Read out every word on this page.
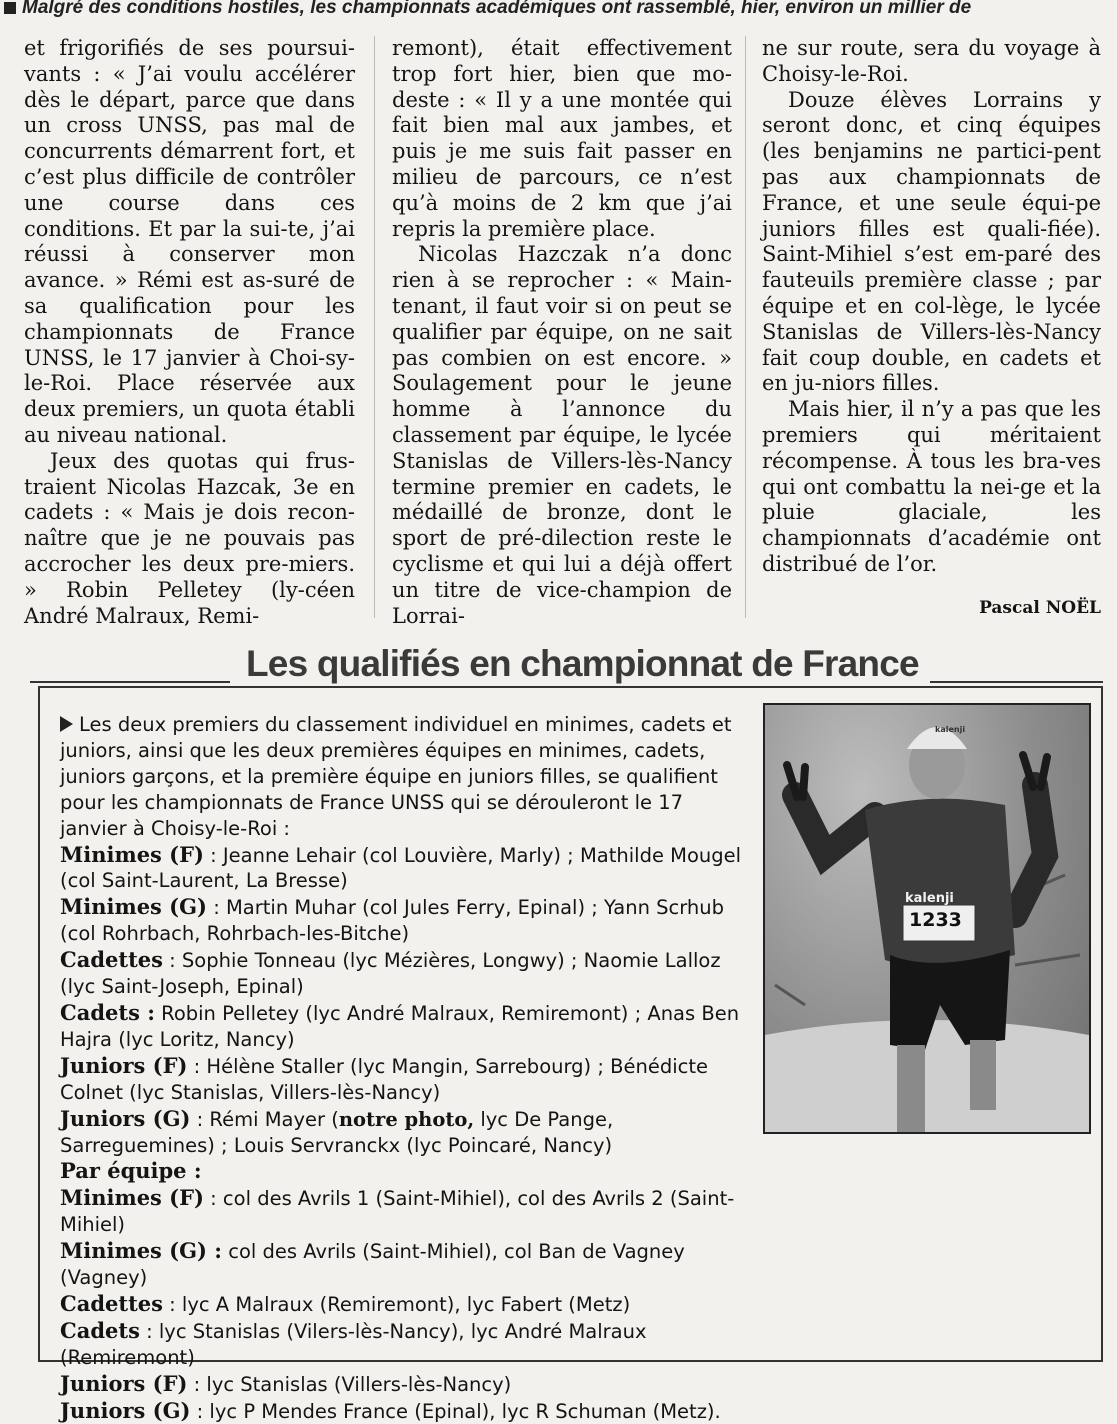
Malgré des conditions hostiles, les championnats académiques ont rassemblé, hier, environ un millier de

et frigorifiés de ses poursui-vants : « J’ai voulu accélérer dès le départ, parce que dans un cross UNSS, pas mal de concurrents démarrent fort, et c’est plus difficile de contrôler une course dans ces conditions. Et par la sui-te, j’ai réussi à conserver mon avance. » Rémi est as-suré de sa qualification pour les championnats de France UNSS, le 17 janvier à Choi-sy-le-Roi. Place réservée aux deux premiers, un quota établi au niveau national.

Jeux des quotas qui frus-traient Nicolas Hazcak, 3e en cadets : « Mais je dois recon-naître que je ne pouvais pas accrocher les deux pre-miers. » Robin Pelletey (ly-céen André Malraux, Remi-

remont), était effectivement trop fort hier, bien que mo-deste : « Il y a une montée qui fait bien mal aux jambes, et puis je me suis fait passer en milieu de parcours, ce n’est qu’à moins de 2 km que j’ai repris la première place.

Nicolas Hazczak n’a donc rien à se reprocher : « Main-tenant, il faut voir si on peut se qualifier par équipe, on ne sait pas combien on est encore. » Soulagement pour le jeune homme à l’annonce du classement par équipe, le lycée Stanislas de Villers-lès-Nancy termine premier en cadets, le médaillé de bronze, dont le sport de pré-dilection reste le cyclisme et qui lui a déjà offert un titre de vice-champion de Lorrai-

ne sur route, sera du voyage à Choisy-le-Roi.

Douze élèves Lorrains y seront donc, et cinq équipes (les benjamins ne partici-pent pas aux championnats de France, et une seule équi-pe juniors filles est quali-fiée). Saint-Mihiel s’est em-paré des fauteuils première classe ; par équipe et en col-lège, le lycée Stanislas de Villers-lès-Nancy fait coup double, en cadets et en ju-niors filles.

Mais hier, il n’y a pas que les premiers qui méritaient récompense. À tous les bra-ves qui ont combattu la nei-ge et la pluie glaciale, les championnats d’académie ont distribué de l’or.

Pascal NOËL
Les qualifiés en championnat de France

Les deux premiers du classement individuel en minimes, cadets et juniors, ainsi que les deux premières équipes en minimes, cadets, juniors garçons, et la première équipe en juniors filles, se qualifient pour les championnats de France UNSS qui se dérouleront le 17 janvier à Choisy-le-Roi :

Minimes (F) : Jeanne Lehair (col Louvière, Marly) ; Mathilde Mougel (col Saint-Laurent, La Bresse)

Minimes (G) : Martin Muhar (col Jules Ferry, Epinal) ; Yann Scrhub (col Rohrbach, Rohrbach-les-Bitche)

Cadettes : Sophie Tonneau (lyc Mézières, Longwy) ; Naomie Lalloz (lyc Saint-Joseph, Epinal)

Cadets : Robin Pelletey (lyc André Malraux, Remiremont) ; Anas Ben Hajra (lyc Loritz, Nancy)

Juniors (F) : Hélène Staller (lyc Mangin, Sarrebourg) ; Bénédicte Colnet (lyc Stanislas, Villers-lès-Nancy)

Juniors (G) : Rémi Mayer (notre photo, lyc De Pange, Sarreguemines) ; Louis Servranckx (lyc Poincaré, Nancy)

Par équipe :

Minimes (F) : col des Avrils 1 (Saint-Mihiel), col des Avrils 2 (Saint-Mihiel)

Minimes (G) : col des Avrils (Saint-Mihiel), col Ban de Vagney (Vagney)

Cadettes : lyc A Malraux (Remiremont), lyc Fabert (Metz)

Cadets : lyc Stanislas (Vilers-lès-Nancy), lyc André Malraux (Remiremont)

Juniors (F) : lyc Stanislas (Villers-lès-Nancy)

Juniors (G) : lyc P Mendes France (Epinal), lyc R Schuman (Metz).

kalenji
kalenji
1233
